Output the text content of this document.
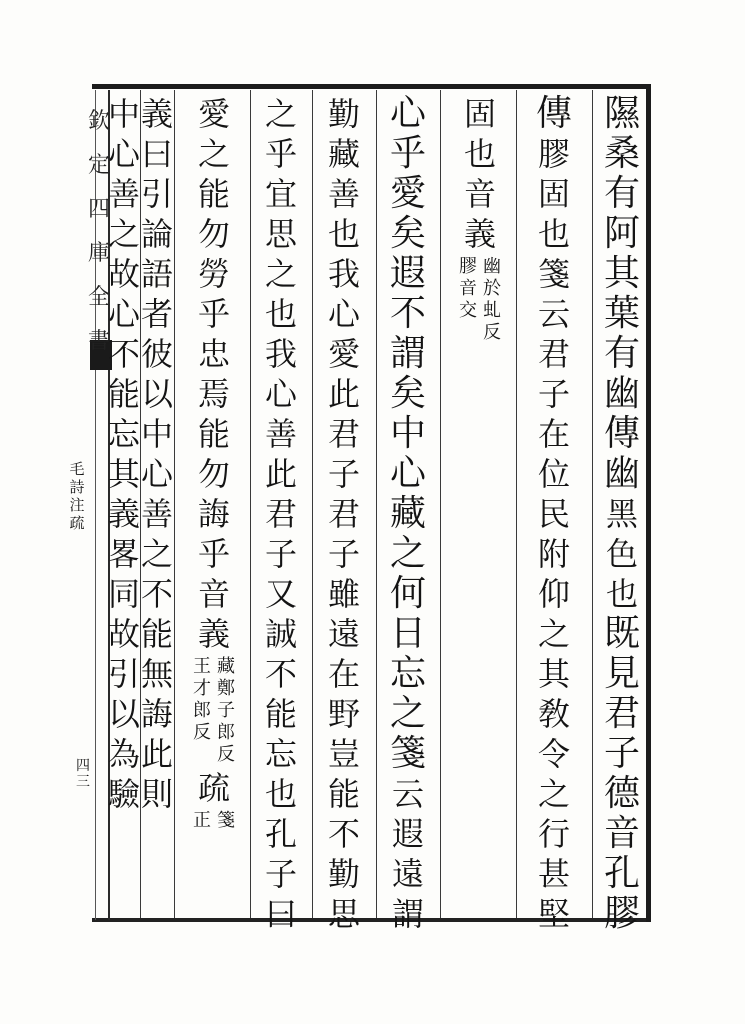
隰
桑
有
阿
其
葉
有
幽
傳
幽
黑
色
也
既
見
君
子
德
音
孔
膠
傳
膠
固
也
箋
云
君
子
在
位
民
附
仰
之
其
敎
令
之
行
甚
堅
固
也
音
義
幽
於
虬
反
膠
音
交
心
乎
愛
矣
遐
不
謂
矣
中
心
藏
之
何
日
忘
之
箋
云
遐
遠
謂
勤
藏
善
也
我
心
愛
此
君
子
君
子
雖
遠
在
野
豈
能
不
勤
思
之
乎
宜
思
之
也
我
心
善
此
君
子
又
誠
不
能
忘
也
孔
子
曰
愛
之
能
勿
勞
乎
忠
焉
能
勿
誨
乎
音
義
藏
鄭
子
郎
反
王
才
郎
反
疏
箋
正
義
曰
引
論
語
者
彼
以
中
心
善
之
不
能
無
誨
此
則
中
心
善
之
故
心
不
能
忘
其
義
畧
同
故
引
以
為
驗
欽
定
四
庫
全
書
毛
詩
注
疏
四
三
